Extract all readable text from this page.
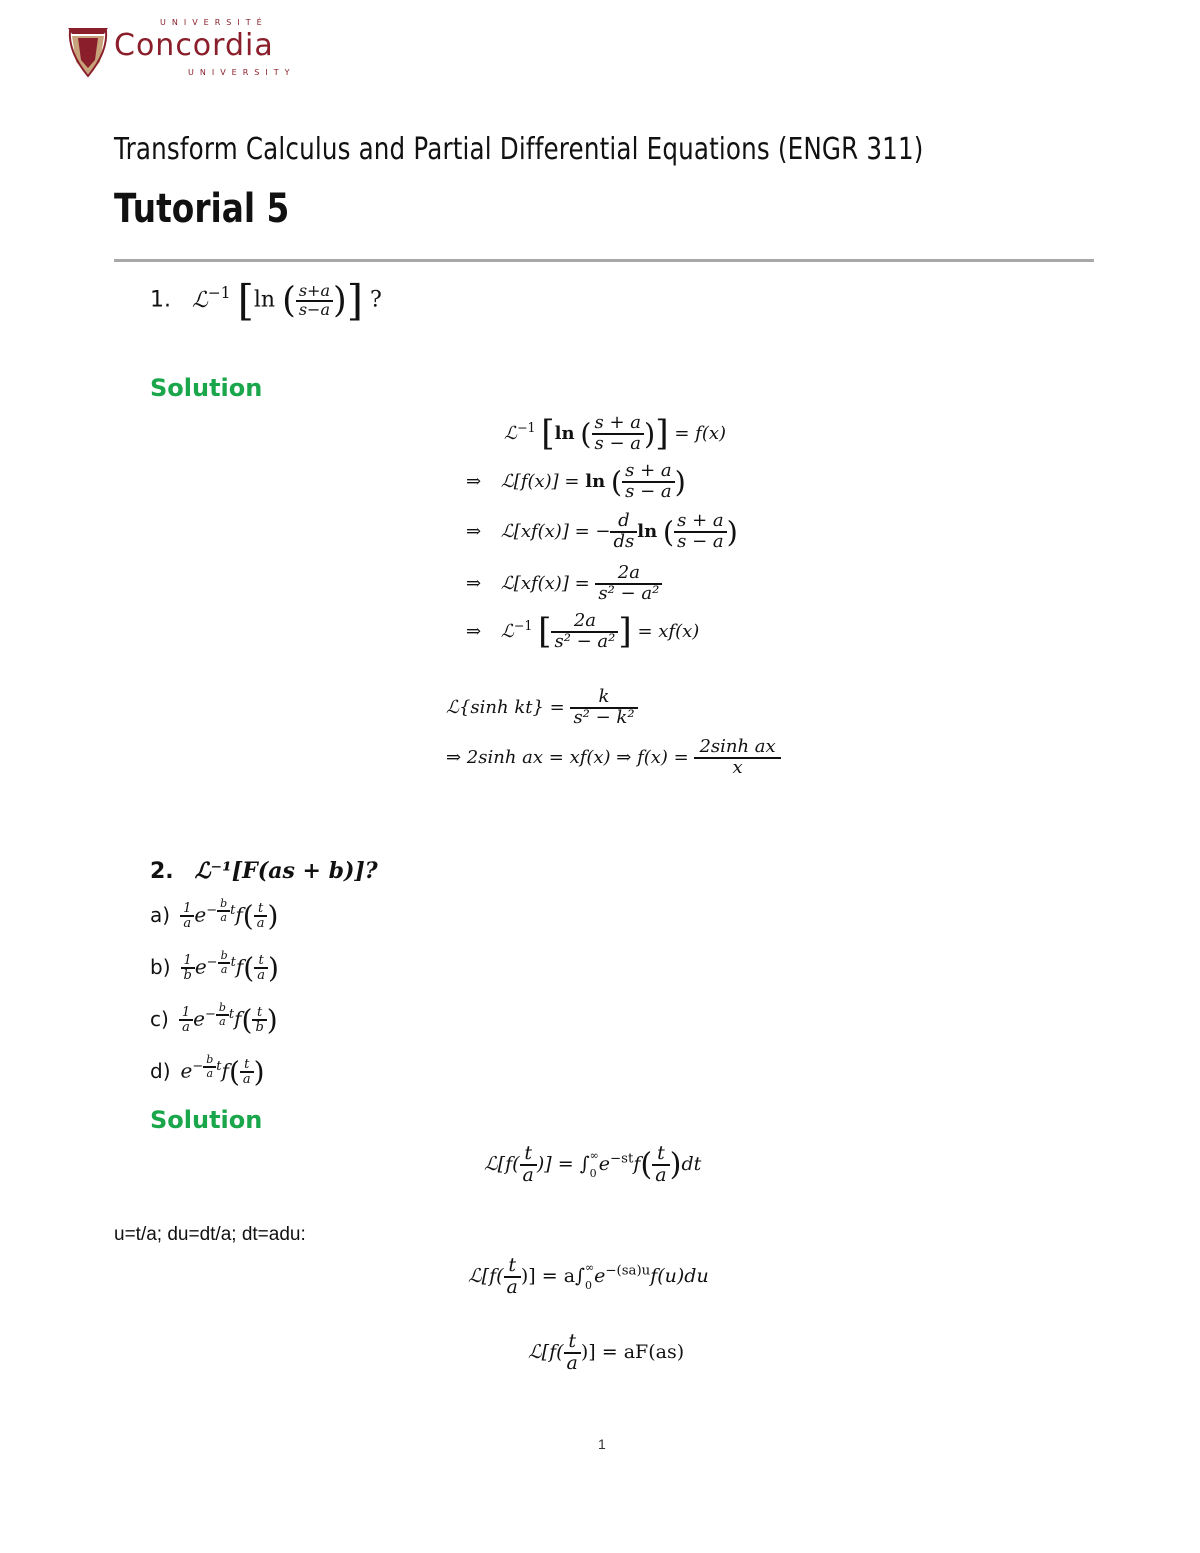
UNIVERSITÉ
Concordia
UNIVERSITY
Transform Calculus and Partial Differential Equations (ENGR 311)
Tutorial 5
1. ℒ$^{-1}$ [ln ( $\frac{s+a}{s-a}$ )] ?
Solution
ℒ$^{-1}$ [ln ( $\frac{s + a}{s - a}$ )] = f(x)
⇒ ℒ[f(x)] = ln ( $\frac{s + a}{s - a}$ )
⇒ ℒ[xf(x)] = − $\frac{d}{ds}$ ln ( $\frac{s + a}{s - a}$ )
⇒ ℒ[xf(x)] = $\frac{2a}{\text{s² − a²}}$
⇒ ℒ$^{-1}$ [ $\frac{2a}{\text{s² − a²}}$ ] = xf(x)
ℒ{sinh $kt\} = \frac{k}{\text{s² − k²}}$
⇒ 2sinh ax = xf(x) ⇒ $f(x) = \frac{\text{2sinh ax}}{x}$
2. ℒ⁻¹[F(as + b)]?
$a) \frac{1}{a} e^{- \frac{b}{a} t}f( \frac{t}{a}$ )
$b) \frac{1}{b} e^{- \frac{b}{a} t}f( \frac{t}{a}$ )
$c) \frac{1}{a} e^{- \frac{b}{a} t}f( \frac{t}{b}$ )
d) $e^{- \frac{b}{a} t}f( \frac{t}{a}$ )
Solution
ℒ[f( $\frac{t}{a}$ )] = ∫ ∞
0 $e^{-st}f( \frac{t}{a} )dt$
u=t/a; du=dt/a; dt=adu:
ℒ[f( $\frac{t}{a}$ )] = a∫ ∞
0 $e^{-(sa)u}f(u)du$
ℒ[f( $\frac{t}{a}$ )] = aF(as)
1
